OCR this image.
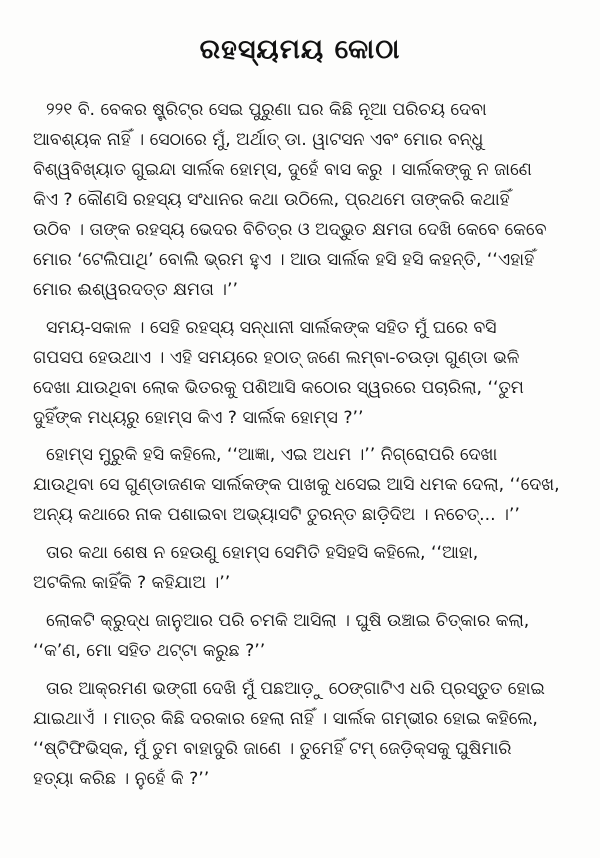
ରହସ୍ୟମୟ କୋଠା
୨୨୧ ବି. ବେକର ଷ୍ଟ୍ରିଟ୍‌ର ସେଇ ପୁରୁଣା ଘର କିଛି ନୂଆ ପରିଚୟ ଦେବା
ଆବଶ୍ୟକ ନାହିଁ । ସେଠାରେ ମୁଁ, ଅର୍ଥାତ୍ ଡା. ୱାଟସନ ଏବଂ ମୋର ବନ୍ଧୁ
ବିଶ୍ୱବିଖ୍ୟାତ ଗୁଇନ୍ଦା ସାର୍ଲକ ହୋମ୍ସ, ଦୁହେଁ ବାସ କରୁ । ସାର୍ଲକଙ୍କୁ ନ ଜାଣେ
କିଏ ? କୌଣସି ରହସ୍ୟ ସଂଧାନର କଥା ଉଠିଲେ, ପ୍ରଥମେ ତାଙ୍କରି କଥାହିଁ
ଉଠିବ । ତାଙ୍କ ରହସ୍ୟ ଭେଦର ବିଚିତ୍ର ଓ ଅଦ୍ଭୁତ କ୍ଷମତା ଦେଖି କେବେ କେବେ
ମୋର ‘ଟେଲିପାଥି’ ବୋଲି ଭ୍ରମ ହୁଏ । ଆଉ ସାର୍ଲକ ହସି ହସି କହନ୍ତି, ‘‘ଏହାହିଁ
ମୋର ଈଶ୍ୱରଦତ୍ତ କ୍ଷମତା ।’’
ସମୟ-ସକାଳ । ସେହି ରହସ୍ୟ ସନ୍ଧାନୀ ସାର୍ଲକଙ୍କ ସହିତ ମୁଁ ଘରେ ବସି
ଗପସପ ହେଉଥାଏ । ଏହି ସମୟରେ ହଠାତ୍ ଜଣେ ଲମ୍ବା-ଚଉଡ଼ା ଗୁଣ୍ଡା ଭଳି
ଦେଖା ଯାଉଥିବା ଲୋକ ଭିତରକୁ ପଶିଆସି କଠୋର ସ୍ୱରରେ ପଚାରିଲା, ‘‘ତୁମ
ଦୁହିଁଙ୍କ ମଧ୍ୟରୁ ହୋମ୍ସ କିଏ ? ସାର୍ଲକ ହୋମ୍ସ ?’’
ହୋମ୍ସ ମୁରୁକି ହସି କହିଲେ, ‘‘ଆଜ୍ଞା, ଏଇ ଅଧମ ।’’ ନିଗ୍ରୋପରି ଦେଖା
ଯାଉଥିବା ସେ ଗୁଣ୍ଡାଜଣକ ସାର୍ଲକଙ୍କ ପାଖକୁ ଧସେଇ ଆସି ଧମକ ଦେଲା, ‘‘ଦେଖ,
ଅନ୍ୟ କଥାରେ ନାକ ପଶାଇବା ଅଭ୍ୟାସଟି ତୁରନ୍ତ ଛାଡ଼ିଦିଅ । ନଚେତ୍... ।’’
ତାର କଥା ଶେଷ ନ ହେଉଣୁ ହୋମ୍ସ ସେମିତି ହସିହସି କହିଲେ, ‘‘ଆହା,
ଅଟକିଲ କାହିଁକି ? କହିଯାଅ ।’’
ଲୋକଟି କ୍ରୁଦ୍ଧ ଜାନୁଆର ପରି ଚମକି ଆସିଲା । ଘୁଷି ଉଞ୍ଚାଇ ଚିତ୍କାର କଲା,
‘‘କ’ଣ, ମୋ ସହିତ ଥଟ୍ଟା କରୁଛ ?’’
ତାର ଆକ୍ରମଣ ଭଙ୍ଗୀ ଦେଖି ମୁଁ ପଛଆଡ଼ୁ ଠେଙ୍ଗାଟିଏ ଧରି ପ୍ରସ୍ତୁତ ହୋଇ
ଯାଇଥାଏଁ । ମାତ୍ର କିଛି ଦରକାର ହେଲା ନାହିଁ । ସାର୍ଲକ ଗମ୍ଭୀର ହୋଇ କହିଲେ,
‘‘ଷ୍ଟିଫିଭିସ୍କ, ମୁଁ ତୁମ ବାହାଦୁରି ଜାଣେ । ତୁମେହିଁ ଟମ୍ ଜେଡ଼ିକ୍ସକୁ ଘୁଷିମାରି
ହତ୍ୟା କରିଛ । ନୁହେଁ କି ?’’
